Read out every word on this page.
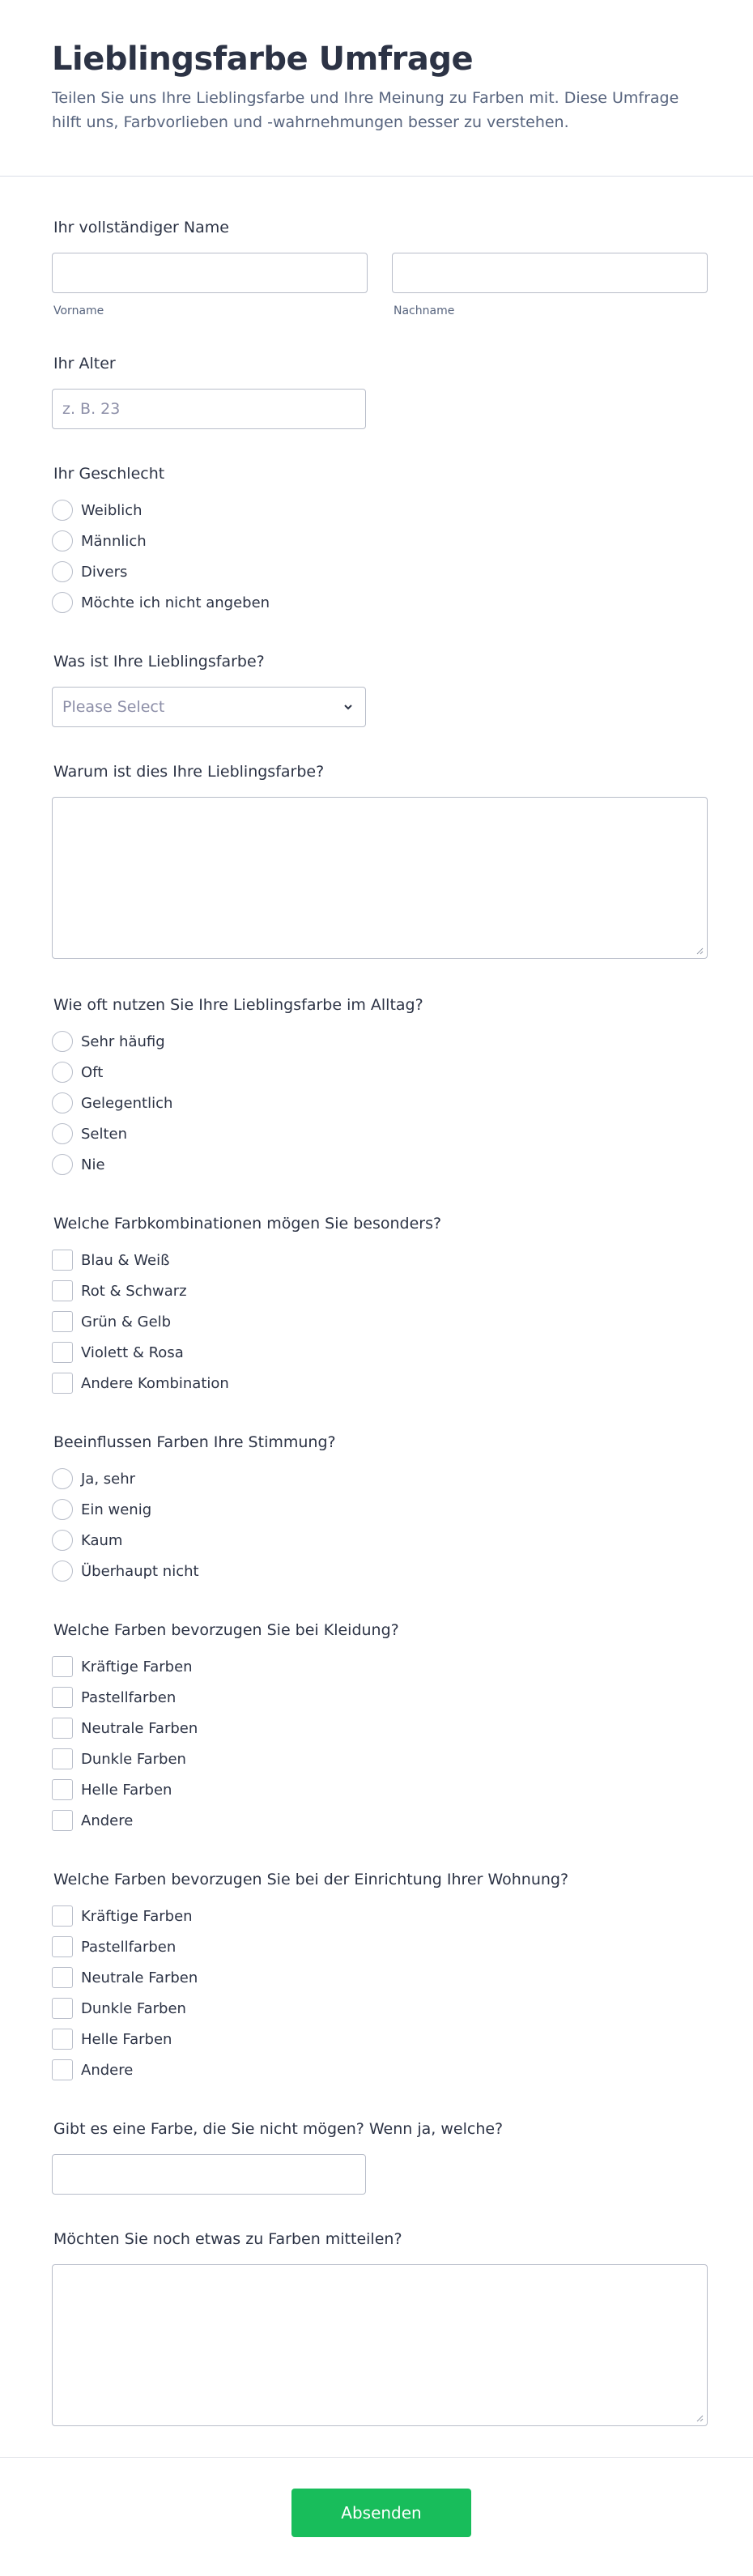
Lieblingsfarbe Umfrage
Teilen Sie uns Ihre Lieblingsfarbe und Ihre Meinung zu Farben mit. Diese Umfrage hilft uns, Farbvorlieben und -wahrnehmungen besser zu verstehen.
Ihr vollständiger Name
Vorname	Nachname
Ihr Alter
z. B. 23
Ihr Geschlecht
Weiblich
Männlich
Divers
Möchte ich nicht angeben
Was ist Ihre Lieblingsfarbe?
Please Select
Warum ist dies Ihre Lieblingsfarbe?
Wie oft nutzen Sie Ihre Lieblingsfarbe im Alltag?
Sehr häufig
Oft
Gelegentlich
Selten
Nie
Welche Farbkombinationen mögen Sie besonders?
Blau & Weiß
Rot & Schwarz
Grün & Gelb
Violett & Rosa
Andere Kombination
Beeinflussen Farben Ihre Stimmung?
Ja, sehr
Ein wenig
Kaum
Überhaupt nicht
Welche Farben bevorzugen Sie bei Kleidung?
Kräftige Farben
Pastellfarben
Neutrale Farben
Dunkle Farben
Helle Farben
Andere
Welche Farben bevorzugen Sie bei der Einrichtung Ihrer Wohnung?
Kräftige Farben
Pastellfarben
Neutrale Farben
Dunkle Farben
Helle Farben
Andere
Gibt es eine Farbe, die Sie nicht mögen? Wenn ja, welche?
Möchten Sie noch etwas zu Farben mitteilen?
Absenden
